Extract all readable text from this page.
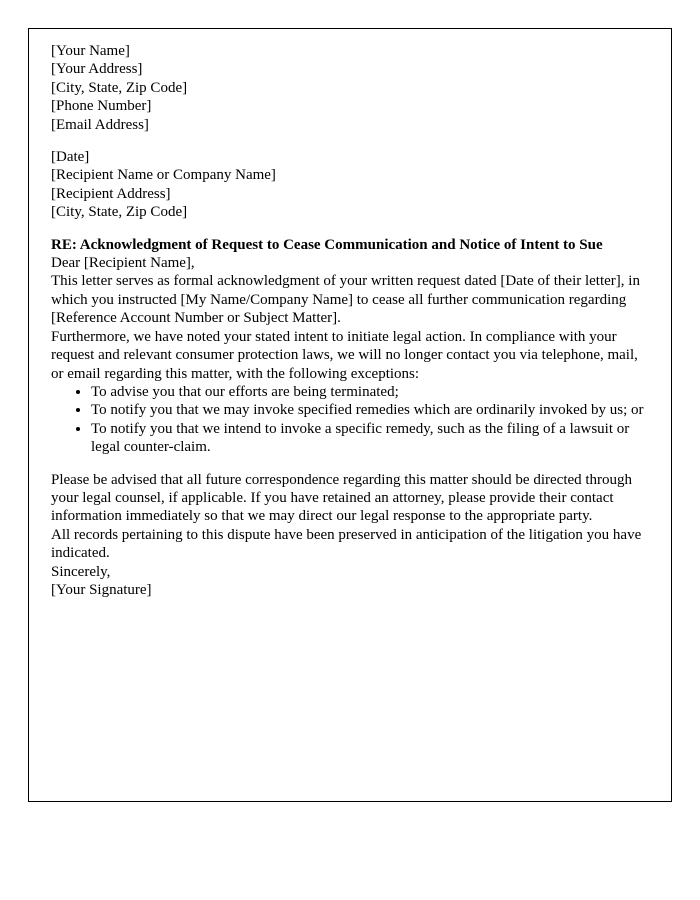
[Your Name]

[Your Address]

[City, State, Zip Code]

[Phone Number]

[Email Address]

[Date]

[Recipient Name or Company Name]

[Recipient Address]

[City, State, Zip Code]

RE: Acknowledgment of Request to Cease Communication and Notice of Intent to Sue

Dear [Recipient Name],

This letter serves as formal acknowledgment of your written request dated [Date of their letter], in which you instructed [My Name/Company Name] to cease all further communication regarding [Reference Account Number or Subject Matter].

Furthermore, we have noted your stated intent to initiate legal action. In compliance with your request and relevant consumer protection laws, we will no longer contact you via telephone, mail, or email regarding this matter, with the following exceptions:

• To advise you that our efforts are being terminated;
• To notify you that we may invoke specified remedies which are ordinarily invoked by us; or
• To notify you that we intend to invoke a specific remedy, such as the filing of a lawsuit or legal counter-claim.

Please be advised that all future correspondence regarding this matter should be directed through your legal counsel, if applicable. If you have retained an attorney, please provide their contact information immediately so that we may direct our legal response to the appropriate party.

All records pertaining to this dispute have been preserved in anticipation of the litigation you have indicated.

Sincerely,

[Your Signature]
